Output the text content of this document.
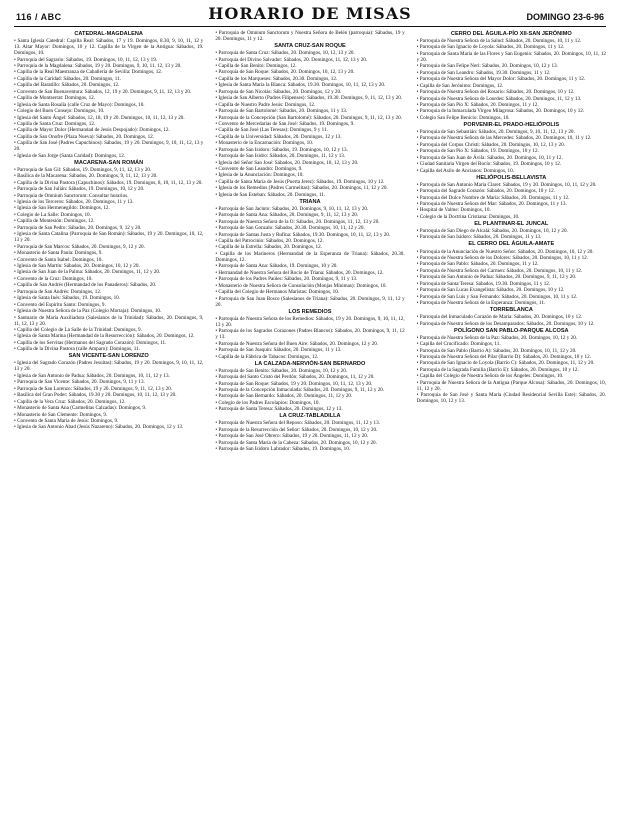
116 / ABC	HORARIO DE MISAS	DOMINGO 23-6-96
CATEDRAL-MAGDALENA
• Santa Iglesia Catedral: Capilla Real: Sábados, 17 y 19. Domingos, 8.30, 9, 10, 11, 12 y 13. Altar Mayor: Domingos, 10 y 12. Capilla de la Virgen de la Antigua: Sábados, 19. Domingos, 10.
• Parroquia del Sagrario: Sábados, 19. Domingos, 10, 11, 12, 13 y 19.
• Parroquia de la Magdalena: Sábados, 19 y 20. Domingos, 9, 10, 11, 12, 13 y 20.
• Capilla de la Real Maestranza de Caballería de Sevilla: Domingos, 12.
• Capilla de la Caridad: Sábados, 20. Domingos, 11.
• Capilla del Baratillo: Sábados, 20. Domingos, 12.
• Convento de San Buenaventura: Sábados, 12, 19 y 20. Domingos, 9, 11, 12, 13 y 20.
• Capilla de Montserrat: Domingos, 12.
• Iglesia de Santa Rosalía (calle Cruz de Mayo): Domingos, 10.
• Colegio del Buen Consejo: Domingos, 10.
• Iglesia del Santo Ángel: Sábados, 12, 18, 19 y 20. Domingos, 10, 11, 12, 13 y 20.
• Capilla de Santa Cruz: Domingos, 12.
• Capilla de Mayor Dolor (Hermandad de Jesús Despojado): Domingos, 12.
• Capilla de San Onofre (Plaza Nueva): Sábados, 20. Domingos, 12.
• Capilla de San José (Padres Capuchinos): Sábados, 19 y 20. Domingos, 9, 10, 11, 12, 13 y 20.
• Iglesia de San Jorge (Santa Caridad): Domingos, 12.
MACARENA-SAN ROMÁN
• Parroquia de San Gil: Sábados, 19. Domingos, 9, 11, 12, 13 y 20.
• Basílica de la Macarena: Sábados, 20. Domingos, 9, 11, 12, 13 y 20.
• Capilla de la Divina Pastora (Capuchinos): Sábados, 19. Domingos, 8, 10, 11, 12, 13 y 20.
• Parroquia de San Julián: Sábados, 19. Domingos, 10, 12 y 20.
• Parroquia de Omnium Sanctorum: Consultar horarios.
• Iglesia de los Terceros: Sábados, 20. Domingos, 11 y 13.
• Iglesia de San Hermenegildo: Domingos, 12.
• Colegio de La Salle: Domingos, 10.
• Capilla de Montesión: Domingos, 12.
• Parroquia de San Pedro: Sábados, 20. Domingos, 9, 12 y 20.
• Iglesia de Santa Catalina (Parroquia de San Román): Sábados, 19 y 20. Domingos, 10, 12, 13 y 20.
• Parroquia de San Marcos: Sábados, 20. Domingos, 9, 12 y 20.
• Monasterio de Santa Paula: Domingos, 9.
• Convento de Santa Isabel: Domingos, 10.
• Iglesia de San Martín: Sábados, 20. Domingos, 10, 12 y 20.
• Iglesia de San Juan de la Palma: Sábados, 20. Domingos, 11, 12 y 20.
• Convento de la Cruz: Domingos, 10.
• Capilla de San Andrés (Hermandad de los Panaderos): Sábados, 20.
• Parroquia de San Andrés: Domingos, 12.
• Iglesia de Santa Inés: Sábados, 19. Domingos, 10.
• Convento del Espíritu Santo: Domingos, 9.
• Iglesia de Nuestra Señora de la Paz (Colegio Mortaja): Domingos, 10.
• Santuario de María Auxiliadora (Salesianos de la Trinidad): Sábados, 20. Domingos, 9, 11, 12, 13 y 20.
• Capilla del Colegio de La Salle de la Trinidad: Domingos, 9.
• Iglesia de Santa Marina (Hermandad de la Resurrección): Sábados, 20. Domingos, 12.
• Capilla de los Servitas (Hermanos del Sagrado Corazón): Domingos, 11.
• Capilla de la Divina Pastora (calle Amparo): Domingos, 11.
SAN VICENTE-SAN LORENZO
• Iglesia del Sagrado Corazón (Padres Jesuitas): Sábados, 19 y 20. Domingos, 9, 10, 11, 12, 13 y 20.
• Iglesia de San Antonio de Padua: Sábados, 20. Domingos, 10, 11, 12 y 13.
• Parroquia de San Vicente: Sábados, 20. Domingos, 9, 11 y 13.
• Parroquia de San Lorenzo: Sábados, 19 y 20. Domingos, 9, 11, 12, 13 y 20.
• Basílica del Gran Poder: Sábados, 19.30 y 20. Domingos, 10, 11, 12, 13 y 20.
• Capilla de la Vera Cruz: Sábados, 20. Domingos, 12.
• Monasterio de Santa Ana (Carmelitas Calzadas): Domingos, 9.
• Monasterio de San Clemente: Domingos, 9.
• Convento de Santa María de Jesús: Domingos, 9.
• Iglesia de San Antonio Abad (Jesús Nazareno): Sábados, 20. Domingos, 12 y 13.
• Parroquia de Omnium Sanctorum y Nuestra Señora de Belén (parroquia): Sábados, 19 y 20. Domingos, 11 y 12.
SANTA CRUZ-SAN ROQUE
• Parroquia de Santa Cruz: Sábados, 20. Domingos, 10, 12, 13 y 20.
• Parroquia del Divino Salvador: Sábados, 20. Domingos, 11, 12, 13 y 20.
• Capilla de San Benito: Domingos, 12.
• Parroquia de San Roque: Sábados, 20. Domingos, 10, 12, 13 y 20.
• Capilla de los Marqueses: Sábados, 20.30. Domingos, 12.
• Iglesia de Santa María la Blanca: Sábados, 19.30. Domingos, 10, 11, 12, 13 y 20.
• Parroquia de San Nicolás: Sábados, 20. Domingos, 12 y 20.
• Iglesia de San Alberto (Padres Filipenses): Sábados, 19.30. Domingos, 9, 11, 12, 13 y 20.
• Capilla de Nuestro Padre Jesús: Domingos, 12.
• Parroquia de San Bartolomé: Sábados, 20. Domingos, 11 y 13.
• Parroquia de la Concepción (San Bartolomé): Sábados, 20. Domingos, 9, 11, 12, 13 y 20.
• Convento de Mercedarias de San José: Sábados, 19. Domingos, 9.
• Capilla de San José (Las Teresas): Domingos, 9 y 11.
• Capilla de la Universidad: Sábados, 20. Domingos, 12 y 13.
• Monasterio de la Encarnación: Domingos, 10.
• Parroquia de San Isidoro: Sábados, 19. Domingos, 10, 12 y 13.
• Parroquia de San Isidro: Sábados, 20. Domingos, 11, 12 y 13.
• Iglesia del Señor San José: Sábados, 20. Domingos, 10, 12, 13 y 20.
• Convento de San Leandro: Domingos, 9.
• Iglesia de la Anunciación: Domingos, 10.
• Capilla de Santa María de Jesús (Puerta Jerez): Sábados, 19. Domingos, 10 y 12.
• Iglesia de los Remedios (Padres Carmelitas): Sábados, 20. Domingos, 11, 12 y 20.
• Iglesia de San Esteban: Sábados, 20. Domingos, 11.
TRIANA
• Parroquia de San Jacinto: Sábados, 20. Domingos, 9, 10, 11, 12, 13 y 20.
• Parroquia de Santa Ana: Sábados, 20. Domingos, 9, 11, 12, 13 y 20.
• Parroquia de Nuestra Señora de la O: Sábados, 20. Domingos, 11, 12, 13 y 20.
• Parroquia de San Gonzalo: Sábados, 20.30. Domingos, 10, 11, 12 y 20.
• Parroquia de Santas Justa y Rufina: Sábados, 19.30. Domingos, 10, 11, 12, 13 y 20.
• Capilla del Patrocinio: Sábados, 20. Domingos, 12.
• Capilla de la Estrella: Sábados, 20. Domingos, 12.
• Capilla de los Marineros (Hermandad de la Esperanza de Triana): Sábados, 20.30. Domingos, 12.
• Parroquia de Santa Ana: Sábados, 19. Domingos, 10 y 20.
• Hermandad de Nuestra Señora del Rocío de Triana: Sábados, 20. Domingos, 12.
• Parroquia de los Padres Paúles: Sábados, 20. Domingos, 9, 11 y 13.
• Monasterio de Nuestra Señora de Consolación (Monjas Mínimas): Domingos, 10.
• Capilla del Colegio de Hermanos Maristas: Domingos, 10.
• Parroquia de San Juan Bosco (Salesianos de Triana): Sábados, 20. Domingos, 9, 11, 12 y 20.
LOS REMEDIOS
• Parroquia de Nuestra Señora de los Remedios: Sábados, 19 y 20. Domingos, 9, 10, 11, 12, 13 y 20.
• Parroquia de los Sagrados Corazones (Padres Blancos): Sábados, 20. Domingos, 9, 11, 12 y 13.
• Parroquia de Nuestra Señora del Buen Aire: Sábados, 20. Domingos, 12 y 20.
• Parroquia de San Joaquín: Sábados, 20. Domingos, 11 y 13.
• Capilla de la Fábrica de Tabacos: Domingos, 12.
LA CALZADA-NERVIÓN-SAN BERNARDO
• Parroquia de San Benito: Sábados, 20. Domingos, 10, 12 y 20.
• Parroquia del Santo Cristo del Perdón: Sábados, 20. Domingos, 11, 12 y 20.
• Parroquia de San Roque: Sábados, 19 y 20. Domingos, 10, 11, 12, 13 y 20.
• Parroquia de la Concepción Inmaculada: Sábados, 20. Domingos, 9, 11, 12 y 20.
• Parroquia de San Bernardo: Sábados, 20. Domingos, 11, 12 y 20.
• Colegio de los Padres Escolapios: Domingos, 10.
• Parroquia de Santa Teresa: Sábados, 20. Domingos, 12 y 13.
LA CRUZ-TABLADILLA
• Parroquia de Nuestra Señora del Reposo: Sábados, 20. Domingos, 11, 12 y 13.
• Parroquia de la Resurrección del Señor: Sábados, 20. Domingos, 10, 12 y 20.
• Parroquia de San José Obrero: Sábados, 19 y 20. Domingos, 11, 12 y 20.
• Parroquia de Santa María de la Cabeza: Sábados, 20. Domingos, 10, 12 y 20.
• Parroquia de San Isidoro Labrador: Sábados, 19. Domingos, 10.
CERRO DEL ÁGUILA-PÍO XII-SAN JERÓNIMO
• Parroquia de Nuestra Señora de la Salud: Sábados, 20. Domingos, 10, 11 y 12.
• Parroquia de San Ignacio de Loyola: Sábados, 20. Domingos, 11 y 12.
• Parroquia de Santa María de las Flores y San Eugenio: Sábados, 20. Domingos, 10, 11, 12 y 20.
• Parroquia de San Felipe Neri: Sábados, 20. Domingos, 10, 12 y 13.
• Parroquia de San Leandro: Sábados, 19.30. Domingos, 11 y 12.
• Parroquia de Nuestra Señora del Mayor Dolor: Sábados, 20. Domingos, 11 y 12.
• Capilla de San Jerónimo: Domingos, 12.
• Parroquia de Nuestra Señora del Rosario: Sábados, 20. Domingos, 10 y 12.
• Parroquia de Nuestra Señora de Lourdes: Sábados, 20. Domingos, 11, 12 y 13.
• Parroquia de San Pío X: Sábados, 20. Domingos, 11 y 12.
• Parroquia de la Inmaculada Virgen Milagrosa: Sábados, 20. Domingos, 10 y 12.
• Colegio San Felipe Benicio: Domingos, 10.
PORVENIR-EL PRADO-HELIÓPOLIS
• Parroquia de San Sebastián: Sábados, 20. Domingos, 9, 10, 11, 12, 13 y 20.
• Parroquia de Nuestra Señora de las Mercedes: Sábados, 20. Domingos, 10, 11 y 12.
• Parroquia del Corpus Christi: Sábados, 20. Domingos, 10, 12, 13 y 20.
• Parroquia de San Pío X: Sábados, 19. Domingos, 10 y 12.
• Parroquia de San Juan de Ávila: Sábados, 20. Domingos, 10, 11 y 12.
• Ciudad Sanitaria Virgen del Rocío: Sábados, 19. Domingos, 10 y 12.
• Capilla del Asilo de Ancianos: Domingos, 10.
HELIÓPOLIS-BELLAVISTA
• Parroquia de San Antonio María Claret: Sábados, 19 y 20. Domingos, 10, 11, 12 y 20.
• Parroquia del Sagrado Corazón: Sábados, 20. Domingos, 10 y 12.
• Parroquia del Dulce Nombre de María: Sábados, 20. Domingos, 11 y 12.
• Parroquia de Nuestra Señora del Mar: Sábados, 20. Domingos, 11 y 13.
• Hospital de Valme: Domingos, 10.
• Colegio de la Doctrina Cristiana: Domingos, 10.
EL PLANTINAR-EL JUNCAL
• Parroquia de San Diego de Alcalá: Sábados, 20. Domingos, 10, 12 y 20.
• Parroquia de San Isidoro: Sábados, 20. Domingos, 11 y 13.
EL CERRO DEL ÁGUILA-AMATE
• Parroquia de la Anunciación de Nuestro Señor: Sábados, 20. Domingos, 10, 12 y 20.
• Parroquia de Nuestra Señora de los Dolores: Sábados, 20. Domingos, 10, 11 y 12.
• Parroquia de San Pablo: Sábados, 20. Domingos, 11 y 12.
• Parroquia de Nuestra Señora del Carmen: Sábados, 20. Domingos, 10, 11 y 12.
• Parroquia de San Antonio de Padua: Sábados, 20. Domingos, 9, 11, 12 y 20.
• Parroquia de Santa Teresa: Sábados, 19.30. Domingos, 11 y 12.
• Parroquia de San Lucas Evangelista: Sábados, 20. Domingos, 10 y 12.
• Parroquia de San Luis y San Fernando: Sábados, 20. Domingos, 10, 11 y 12.
• Parroquia de Nuestra Señora de la Esperanza: Domingos, 11.
TORREBLANCA
• Parroquia del Inmaculado Corazón de María: Sábados, 20. Domingos, 10 y 12.
• Parroquia de Nuestra Señora de los Desamparados: Sábados, 20. Domingos, 10 y 12.
POLÍGONO SAN PABLO-PARQUE ALCOSA
• Parroquia de Nuestra Señora de la Paz: Sábados, 20. Domingos, 10, 12 y 20.
• Capilla del Crucificado: Domingos, 11.
• Parroquia de San Pablo (Barrio A): Sábados, 20. Domingos, 10, 11, 12 y 20.
• Parroquia de Nuestra Señora del Pilar (Barrio D): Sábados, 20. Domingos, 10 y 12.
• Parroquia de San Ignacio de Loyola (Barrio C): Sábados, 20. Domingos, 11, 12 y 20.
• Parroquia de la Sagrada Familia (Barrio E): Sábados, 20. Domingos, 10 y 12.
• Capilla del Colegio de Nuestra Señora de los Ángeles: Domingos, 10.
• Parroquia de Nuestra Señora de la Antigua (Parque Alcosa): Sábados, 20. Domingos, 10, 11, 12 y 20.
• Parroquia de San José y Santa María (Ciudad Residencial Sevilla Este): Sábados, 20. Domingos, 10, 12 y 13.
